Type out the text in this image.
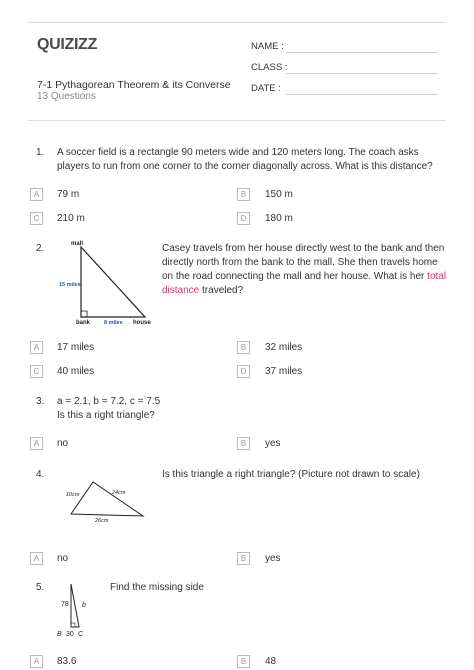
QUIZIZZ
7-1 Pythagorean Theorem & its Converse
13 Questions
NAME :
CLASS :
DATE :
1. A soccer field is a rectangle 90 meters wide and 120 meters long. The coach asks players to run from one corner to the corner diagonally across. What is this distance?
A	79 m	B	150 m
C	210 m	D	180 m
2.	mall
bank	house
15 miles
8 miles
Casey travels from her house directly west to the bank and then directly north from the bank to the mall. She then travels home on the road connecting the mall and her house. What is her total distance traveled?
A	17 miles	B	32 miles
C	40 miles	D	37 miles
3. a = 2.1, b = 7.2, c = 7.5
Is this a right triangle?
A	no	B	yes
4.
10cm	24cm
26cm
Is this triangle a right triangle? (Picture not drawn to scale)
A	no	B	yes
5.
78 b
B 30 C
Find the missing side
A	83.6	B	48
